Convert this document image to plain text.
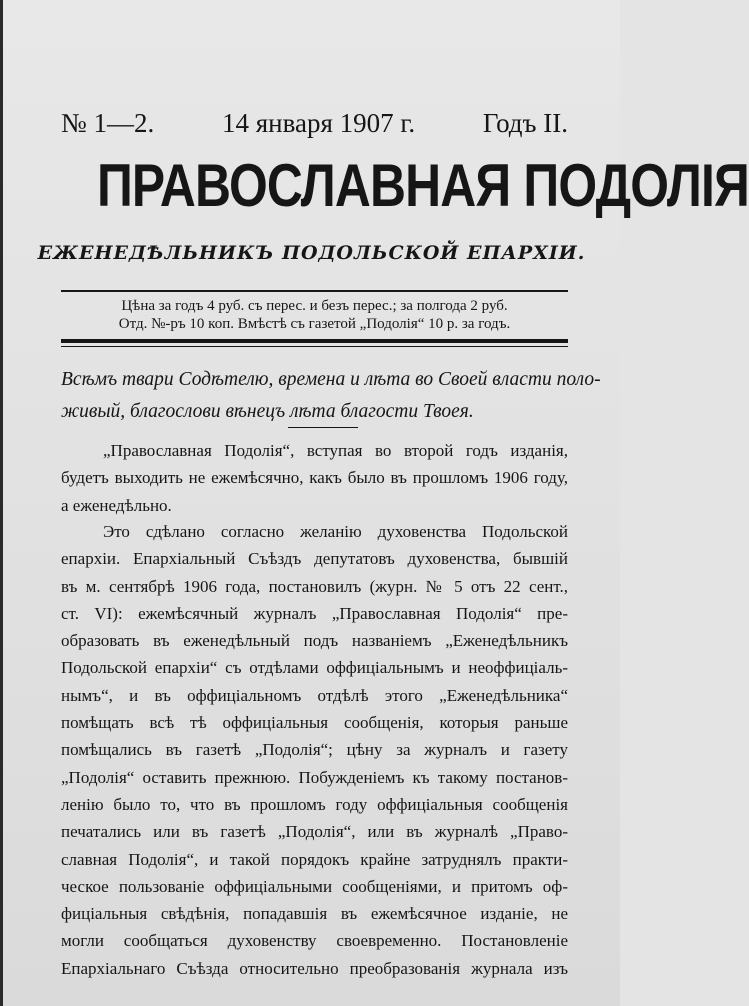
№ 1—2.	14 января 1907 г.	Годъ II.
ПРАВОСЛАВНАЯ ПОДОЛІЯ
ЕЖЕНЕДѢЛЬНИКЪ ПОДОЛЬСКОЙ ЕПАРХІИ.
Цѣна за годъ 4 руб. съ перес. и безъ перес.; за полгода 2 руб.
Отд. №-ръ 10 коп. Вмѣстѣ съ газетой „Подолія“ 10 р. за годъ.
Всѣмъ твари Содѣтелю, времена и лѣта во Своей власти поло-
живый, благослови вѣнецъ лѣта благости Твоея.
„Православная Подолія“, вступая во второй годъ изданія,
будетъ выходить не ежемѣсячно, какъ было въ прошломъ 1906 году,
а еженедѣльно.
Это сдѣлано согласно желанію духовенства Подольской
епархіи. Епархіальный Съѣздъ депутатовъ духовенства, бывшій
въ м. сентябрѣ 1906 года, постановилъ (журн. № 5 отъ 22 сент.,
ст. VI): ежемѣсячный журналъ „Православная Подолія“ пре-
образовать въ еженедѣльный подъ названіемъ „Еженедѣльникъ
Подольской епархіи“ съ отдѣлами оффиціальнымъ и неоффиціаль-
нымъ“, и въ оффиціальномъ отдѣлѣ этого „Еженедѣльника“
помѣщать всѣ тѣ оффиціальныя сообщенія, которыя раньше
помѣщались въ газетѣ „Подолія“; цѣну за журналъ и газету
„Подолія“ оставить прежнюю. Побужденіемъ къ такому постанов-
ленію было то, что въ прошломъ году оффиціальныя сообщенія
печатались или въ газетѣ „Подолія“, или въ журналѣ „Право-
славная Подолія“, и такой порядокъ крайне затруднялъ практи-
ческое пользованіе оффиціальными сообщеніями, и притомъ оф-
фиціальныя свѣдѣнія, попадавшія въ ежемѣсячное изданіе, не
могли сообщаться духовенству своевременно. Постановленіе
Епархіальнаго Съѣзда относительно преобразованія журнала изъ
